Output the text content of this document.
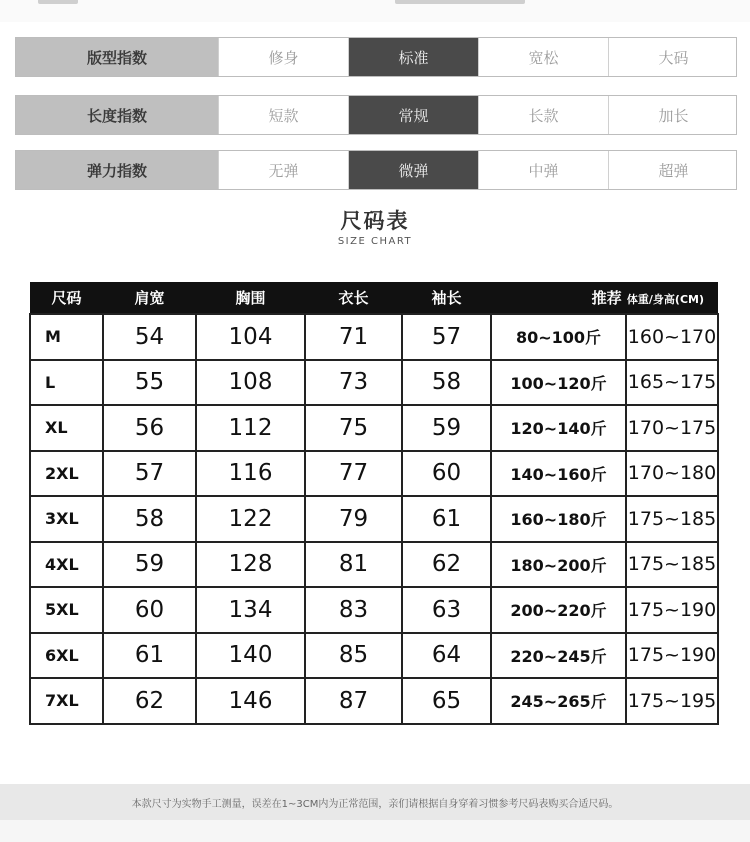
版型指数	修身	标准	宽松	大码
长度指数	短款	常规	长款	加长
弹力指数	无弹	微弹	中弹	超弹
尺码表
SIZE CHART
尺码	肩宽	胸围	衣长	袖长	推荐 体重/身高(CM)	
M	54	104	71	57	80~100斤	160~170
L	55	108	73	58	100~120斤	165~175
XL	56	112	75	59	120~140斤	170~175
2XL	57	116	77	60	140~160斤	170~180
3XL	58	122	79	61	160~180斤	175~185
4XL	59	128	81	62	180~200斤	175~185
5XL	60	134	83	63	200~220斤	175~190
6XL	61	140	85	64	220~245斤	175~190
7XL	62	146	87	65	245~265斤	175~195
本款尺寸为实物手工测量，误差在1~3CM内为正常范围，亲们请根据自身穿着习惯参考尺码表购买合适尺码。
